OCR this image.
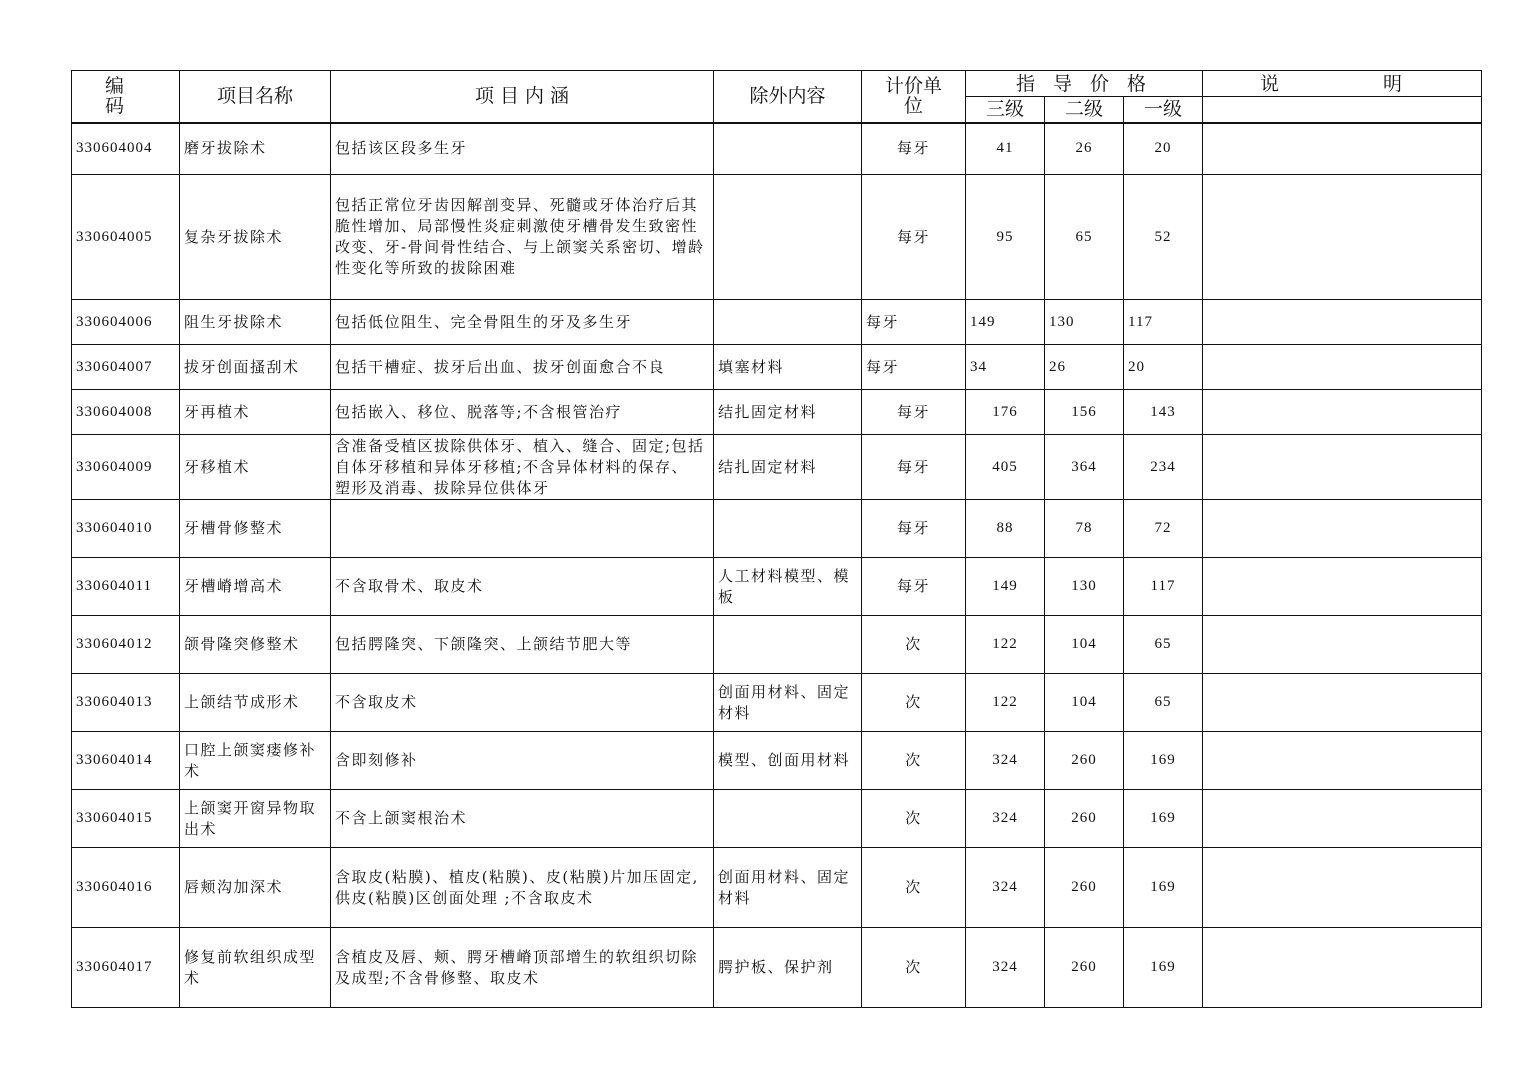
编　码	项目名称	项 目 内 涵	除外内容	计价单位	指 导 价 格			说　　明
					三级	二级	一级	
330604004	磨牙拔除术	包括该区段多生牙		每牙	41	26	20	
330604005	复杂牙拔除术	包括正常位牙齿因解剖变异、死髓或牙体治疗后其脆性增加、局部慢性炎症刺激使牙槽骨发生致密性改变、牙-骨间骨性结合、与上颌窦关系密切、增龄性变化等所致的拔除困难		每牙	95	65	52	
330604006	阻生牙拔除术	包括低位阻生、完全骨阻生的牙及多生牙		每牙	149	130	117	
330604007	拔牙创面搔刮术	包括干槽症、拔牙后出血、拔牙创面愈合不良	填塞材料	每牙	34	26	20	
330604008	牙再植术	包括嵌入、移位、脱落等;不含根管治疗	结扎固定材料	每牙	176	156	143	
330604009	牙移植术	含准备受植区拔除供体牙、植入、缝合、固定;包括自体牙移植和异体牙移植;不含异体材料的保存、 塑形及消毒、拔除异位供体牙	结扎固定材料	每牙	405	364	234	
330604010	牙槽骨修整术			每牙	88	78	72	
330604011	牙槽嵴增高术	不含取骨术、取皮术	人工材料模型、模板	每牙	149	130	117	
330604012	颌骨隆突修整术	包括腭隆突、下颌隆突、上颌结节肥大等		次	122	104	65	
330604013	上颌结节成形术	不含取皮术	创面用材料、固定材料	次	122	104	65	
330604014	口腔上颌窦瘘修补术	含即刻修补	模型、创面用材料	次	324	260	169	
330604015	上颌窦开窗异物取出术	不含上颌窦根治术		次	324	260	169	
330604016	唇颊沟加深术	含取皮(粘膜)、植皮(粘膜)、皮(粘膜)片加压固定,供皮(粘膜)区创面处理 ;不含取皮术	创面用材料、固定材料	次	324	260	169	
330604017	修复前软组织成型术	含植皮及唇、颊、腭牙槽嵴顶部增生的软组织切除及成型;不含骨修整、取皮术	腭护板、保护剂	次	324	260	169	
